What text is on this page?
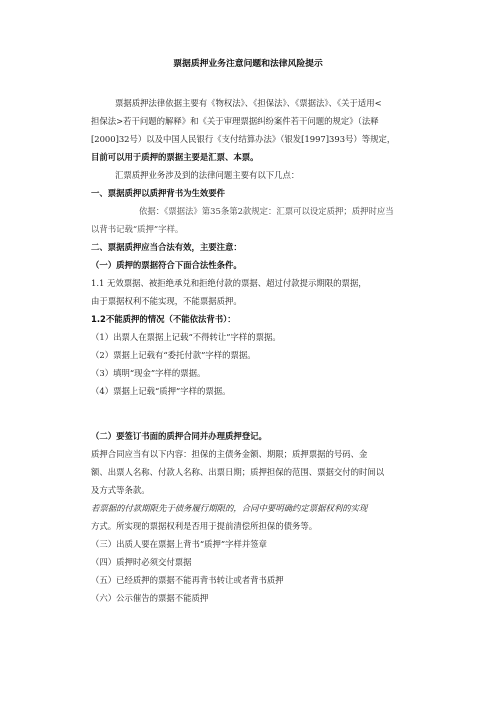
票据质押业务注意问题和法律风险提示
票据质押法律依据主要有《物权法》、《担保法》、《票据法》、《关于适用<
担保法>若干问题的解释》和《关于审理票据纠纷案件若干问题的规定》（法释
[2000]32号）以及中国人民银行《支付结算办法》（银发[1997]393号）等规定，
目前可以用于质押的票据主要是汇票、本票。
汇票质押业务涉及到的法律问题主要有以下几点：
一、票据质押以质押背书为生效要件
依据：《票据法》第35条第2款规定：汇票可以设定质押；质押时应当
以背书记载“质押”字样。
二、票据质押应当合法有效，主要注意：
（一）质押的票据符合下面合法性条件。
1.1 无效票据、被拒绝承兑和拒绝付款的票据、超过付款提示期限的票据，
由于票据权利不能实现，不能票据质押。
1.2不能质押的情况（不能依法背书）：
（1）出票人在票据上记载“不得转让”字样的票据。
（2）票据上记载有“委托付款”字样的票据。
（3）填明“现金”字样的票据。
（4）票据上记载“质押”字样的票据。
（二）要签订书面的质押合同并办理质押登记。
质押合同应当有以下内容：担保的主债务金额、期限；质押票据的号码、金
额、出票人名称、付款人名称、出票日期；质押担保的范围、票据交付的时间以
及方式等条款。
若票据的付款期限先于债务履行期限的，合同中要明确约定票据权利的实现
方式。所实现的票据权利是否用于提前清偿所担保的债务等。
（三）出质人要在票据上背书“质押”字样并签章
（四）质押时必须交付票据
（五）已经质押的票据不能再背书转让或者背书质押
（六）公示催告的票据不能质押
